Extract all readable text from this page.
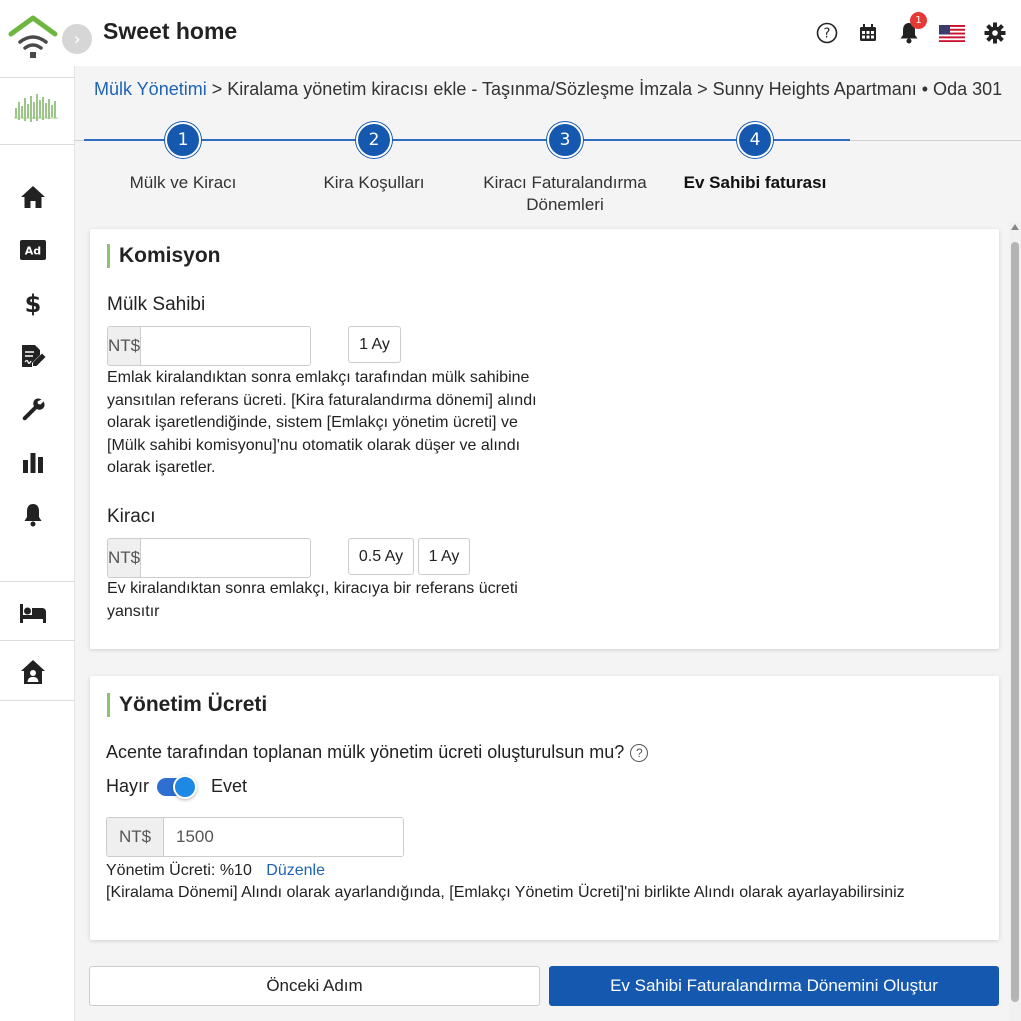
› Sweet home	?
1
Ad
$
Mülk Yönetimi > Kiralama yönetim kiracısı ekle - Taşınma/Sözleşme İmzala > Sunny Heights Apartmanı • Oda 301
1
Mülk ve Kiracı
2
Kira Koşulları
3
Kiracı Faturalandırma Dönemleri
4
Ev Sahibi faturası
Komisyon
Mülk Sahibi
NT$	1 Ay
Emlak kiralandıktan sonra emlakçı tarafından mülk sahibine yansıtılan referans ücreti. [Kira faturalandırma dönemi] alındı olarak işaretlendiğinde, sistem [Emlakçı yönetim ücreti] ve [Mülk sahibi komisyonu]'nu otomatik olarak düşer ve alındı olarak işaretler.
Kiracı
NT$	0.5 Ay	1 Ay
Ev kiralandıktan sonra emlakçı, kiracıya bir referans ücreti yansıtır
Yönetim Ücreti
Acente tarafından toplanan mülk yönetim ücreti oluşturulsun mu? ?
Hayır	Evet
NT$
1500
Yönetim Ücreti: %10 Düzenle
[Kiralama Dönemi] Alındı olarak ayarlandığında, [Emlakçı Yönetim Ücreti]'ni birlikte Alındı olarak ayarlayabilirsiniz
Önceki Adım	Ev Sahibi Faturalandırma Dönemini Oluştur
